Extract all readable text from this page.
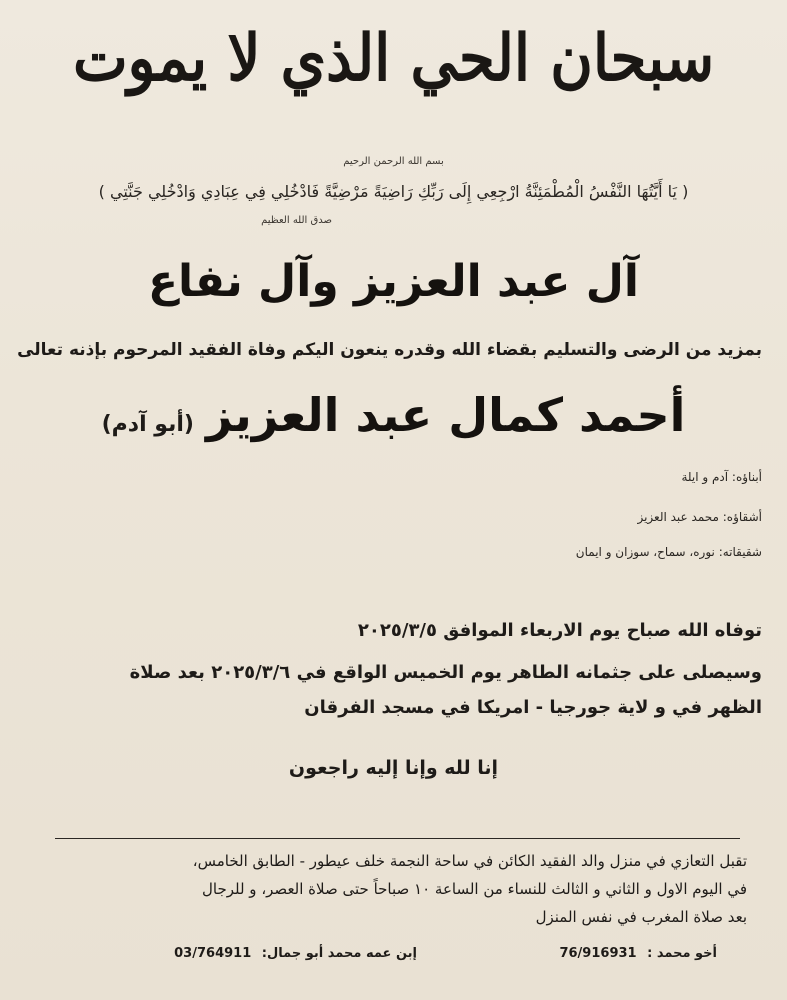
سبحان الحي الذي لا يموت
بسم الله الرحمن الرحيم
( يَا أَيَّتُهَا النَّفْسُ الْمُطْمَئِنَّةُ ارْجِعِي إِلَى رَبِّكِ رَاضِيَةً مَرْضِيَّةً فَادْخُلِي فِي عِبَادِي وَادْخُلِي جَنَّتِي )
صدق الله العظيم
آل عبد العزيز وآل نفاع
بمزيد من الرضى والتسليم بقضاء الله وقدره ينعون اليكم وفاة الفقيد المرحوم بإذنه تعالى
أحمد كمال عبد العزيز(أبو آدم)
أبناؤه: آدم و ايلة
أشقاؤه: محمد عبد العزيز
شقيقاته: نوره، سماح، سوزان و ايمان
توفاه الله صباح يوم الاربعاء الموافق ٢٠٢٥/٣/٥
وسيصلى على جثمانه الطاهر يوم الخميس الواقع في ٢٠٢٥/٣/٦ بعد صلاة
الظهر في و لاية جورجيا - امريكا في مسجد الفرقان
إنا لله وإنا إليه راجعون
تقبل التعازي في منزل والد الفقيد الكائن في ساحة النجمة خلف عيطور - الطابق الخامس،
في اليوم الاول و الثاني و الثالث للنساء من الساعة ١٠ صباحاً حتى صلاة العصر، و للرجال
بعد صلاة المغرب في نفس المنزل
أخو محمد : 76/916931
إبن عمه محمد أبو جمال: 03/764911
